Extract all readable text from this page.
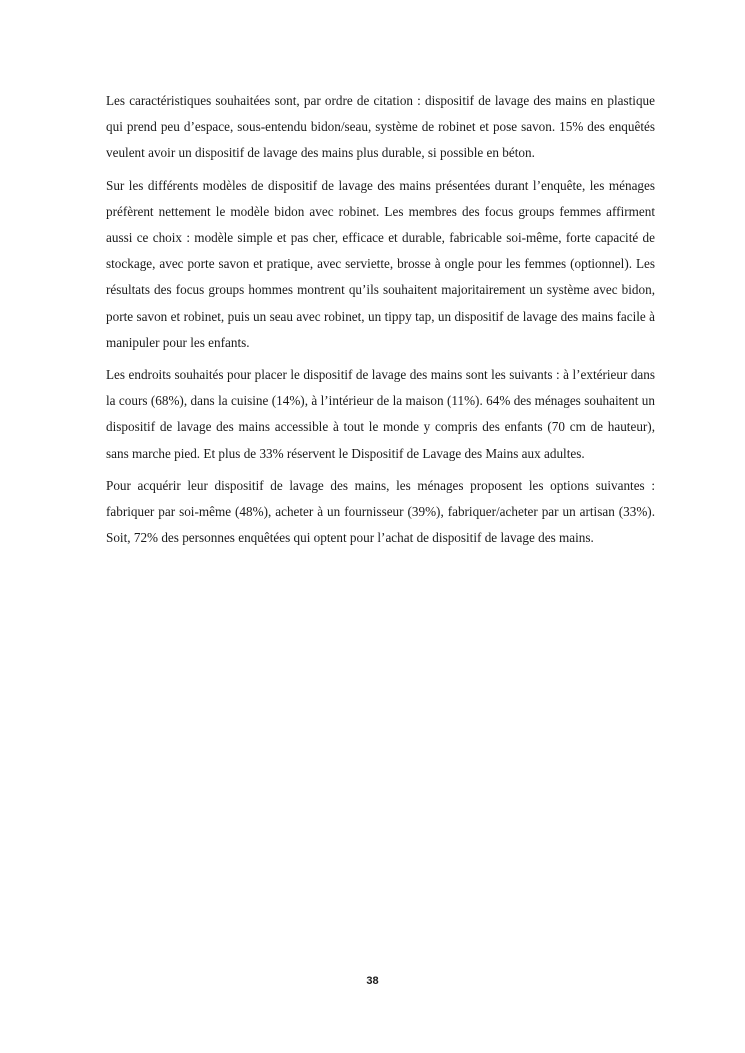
Les caractéristiques souhaitées sont, par ordre de citation : dispositif de lavage des mains en plastique qui prend peu d’espace, sous-entendu bidon/seau, système de robinet et pose savon. 15% des enquêtés veulent avoir un dispositif de lavage des mains plus durable, si possible en béton.

Sur les différents modèles de dispositif de lavage des mains présentées durant l’enquête, les ménages préfèrent nettement le modèle bidon avec robinet. Les membres des focus groups femmes affirment aussi ce choix : modèle simple et pas cher, efficace et durable, fabricable soi-même, forte capacité de stockage, avec porte savon et pratique, avec serviette, brosse à ongle pour les femmes (optionnel). Les résultats des focus groups hommes montrent qu’ils souhaitent majoritairement un système avec bidon, porte savon et robinet, puis un seau avec robinet, un tippy tap, un dispositif de lavage des mains facile à manipuler pour les enfants.

Les endroits souhaités pour placer le dispositif de lavage des mains sont les suivants : à l’extérieur dans la cours (68%), dans la cuisine (14%), à l’intérieur de la maison (11%). 64% des ménages souhaitent un dispositif de lavage des mains accessible à tout le monde y compris des enfants (70 cm de hauteur), sans marche pied. Et plus de 33% réservent le Dispositif de Lavage des Mains aux adultes.

Pour acquérir leur dispositif de lavage des mains, les ménages proposent les options suivantes : fabriquer par soi-même (48%), acheter à un fournisseur (39%), fabriquer/acheter par un artisan (33%). Soit, 72% des personnes enquêtées qui optent pour l’achat de dispositif de lavage des mains.

38
